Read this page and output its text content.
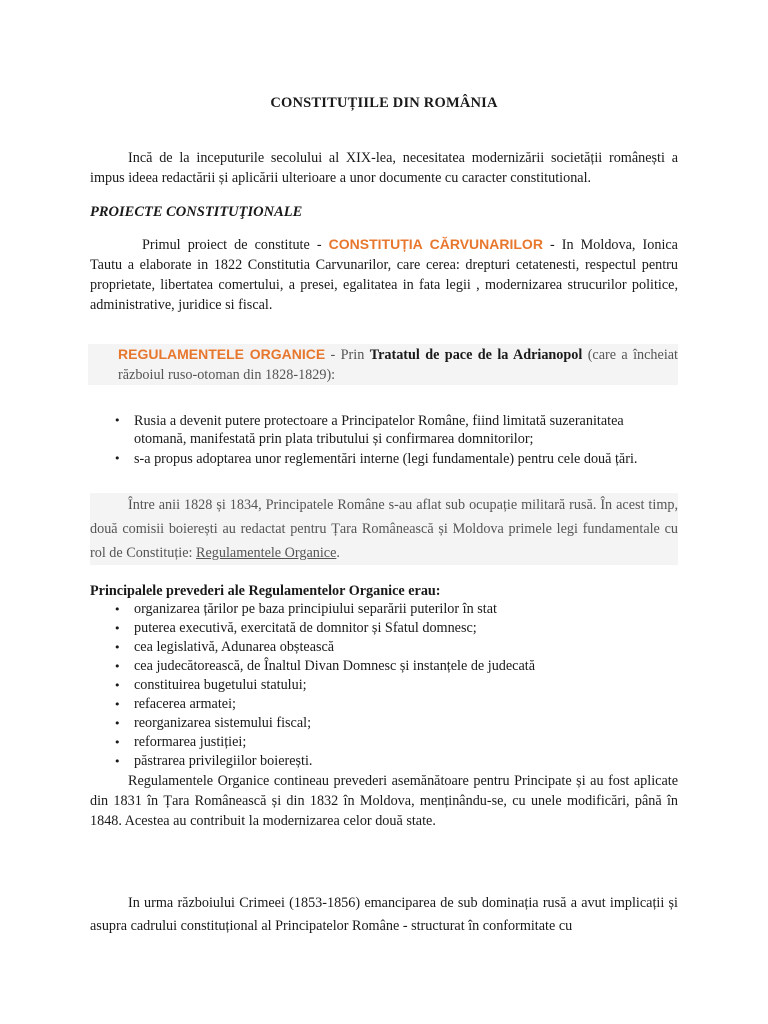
CONSTITUȚIILE DIN ROMÂNIA

Incă de la inceputurile secolului al XIX-lea, necesitatea modernizării societății românești a impus ideea redactării și aplicării ulterioare a unor documente cu caracter constitutional.

PROIECTE CONSTITUŢIONALE

Primul proiect de constitute - CONSTITUȚIA CĂRVUNARILOR - In Moldova, Ionica Tautu a elaborate in 1822 Constitutia Carvunarilor, care cerea: drepturi cetatenesti, respectul pentru proprietate, libertatea comertului, a presei, egalitatea in fata legii , modernizarea strucurilor politice, administrative, juridice si fiscal.

REGULAMENTELE ORGANICE - Prin Tratatul de pace de la Adrianopol (care a încheiat războiul ruso-otoman din 1828-1829):

• Rusia a devenit putere protectoare a Principatelor Române, fiind limitată suzeranitatea otomană, manifestată prin plata tributului și confirmarea domnitorilor;
• s-a propus adoptarea unor reglementări interne (legi fundamentale) pentru cele două țări.

Între anii 1828 și 1834, Principatele Române s-au aflat sub ocupație militară rusă. În acest timp, două comisii boierești au redactat pentru Țara Românească și Moldova primele legi fundamentale cu rol de Constituție: Regulamentele Organice.

Principalele prevederi ale Regulamentelor Organice erau:
• organizarea țărilor pe baza principiului separării puterilor în stat
• puterea executivă, exercitată de domnitor și Sfatul domnesc;
• cea legislativă, Adunarea obștească
• cea judecătorească, de Înaltul Divan Domnesc și instanțele de judecată
• constituirea bugetului statului;
• refacerea armatei;
• reorganizarea sistemului fiscal;
• reformarea justiției;
• păstrarea privilegiilor boierești.

Regulamentele Organice contineau prevederi asemănătoare pentru Principate și au fost aplicate din 1831 în Țara Românească și din 1832 în Moldova, menținându-se, cu unele modificări, până în 1848. Acestea au contribuit la modernizarea celor două state.

In urma războiului Crimeei (1853-1856) emanciparea de sub dominația rusă a avut implicații și asupra cadrului constituțional al Principatelor Române - structurat în conformitate cu
